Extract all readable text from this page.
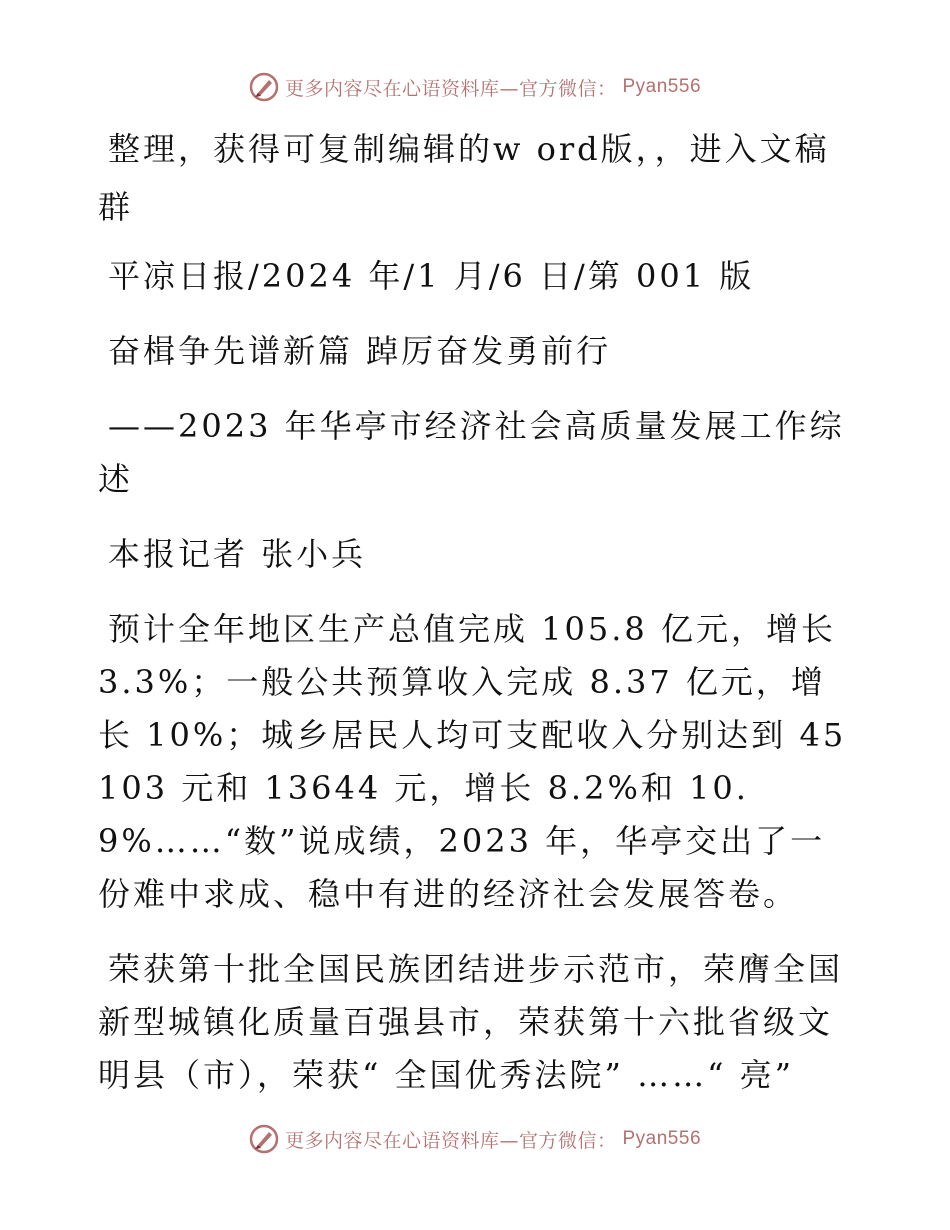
更多内容尽在心语资料库—官方微信： Pyan556

整理，获得可复制编辑的w ord版，，进入文稿群

平凉日报/2024 年/1 月/6 日/第 001 版

奋楫争先谱新篇 踔厉奋发勇前行

——2023 年华亭市经济社会高质量发展工作综述

本报记者 张小兵

预计全年地区生产总值完成 105.8 亿元，增长 3.3%；一般公共预算收入完成 8.37 亿元，增长 10%；城乡居民人均可支配收入分别达到 45103 元和 13644 元，增长 8.2%和 10.9%……“数”说成绩，2023 年，华亭交出了一份难中求成、稳中有进的经济社会发展答卷。

荣获第十批全国民族团结进步示范市，荣膺全国新型城镇化质量百强县市，荣获第十六批省级文明县（市），荣获“ 全国优秀法院” ……“ 亮”

更多内容尽在心语资料库—官方微信： Pyan556
